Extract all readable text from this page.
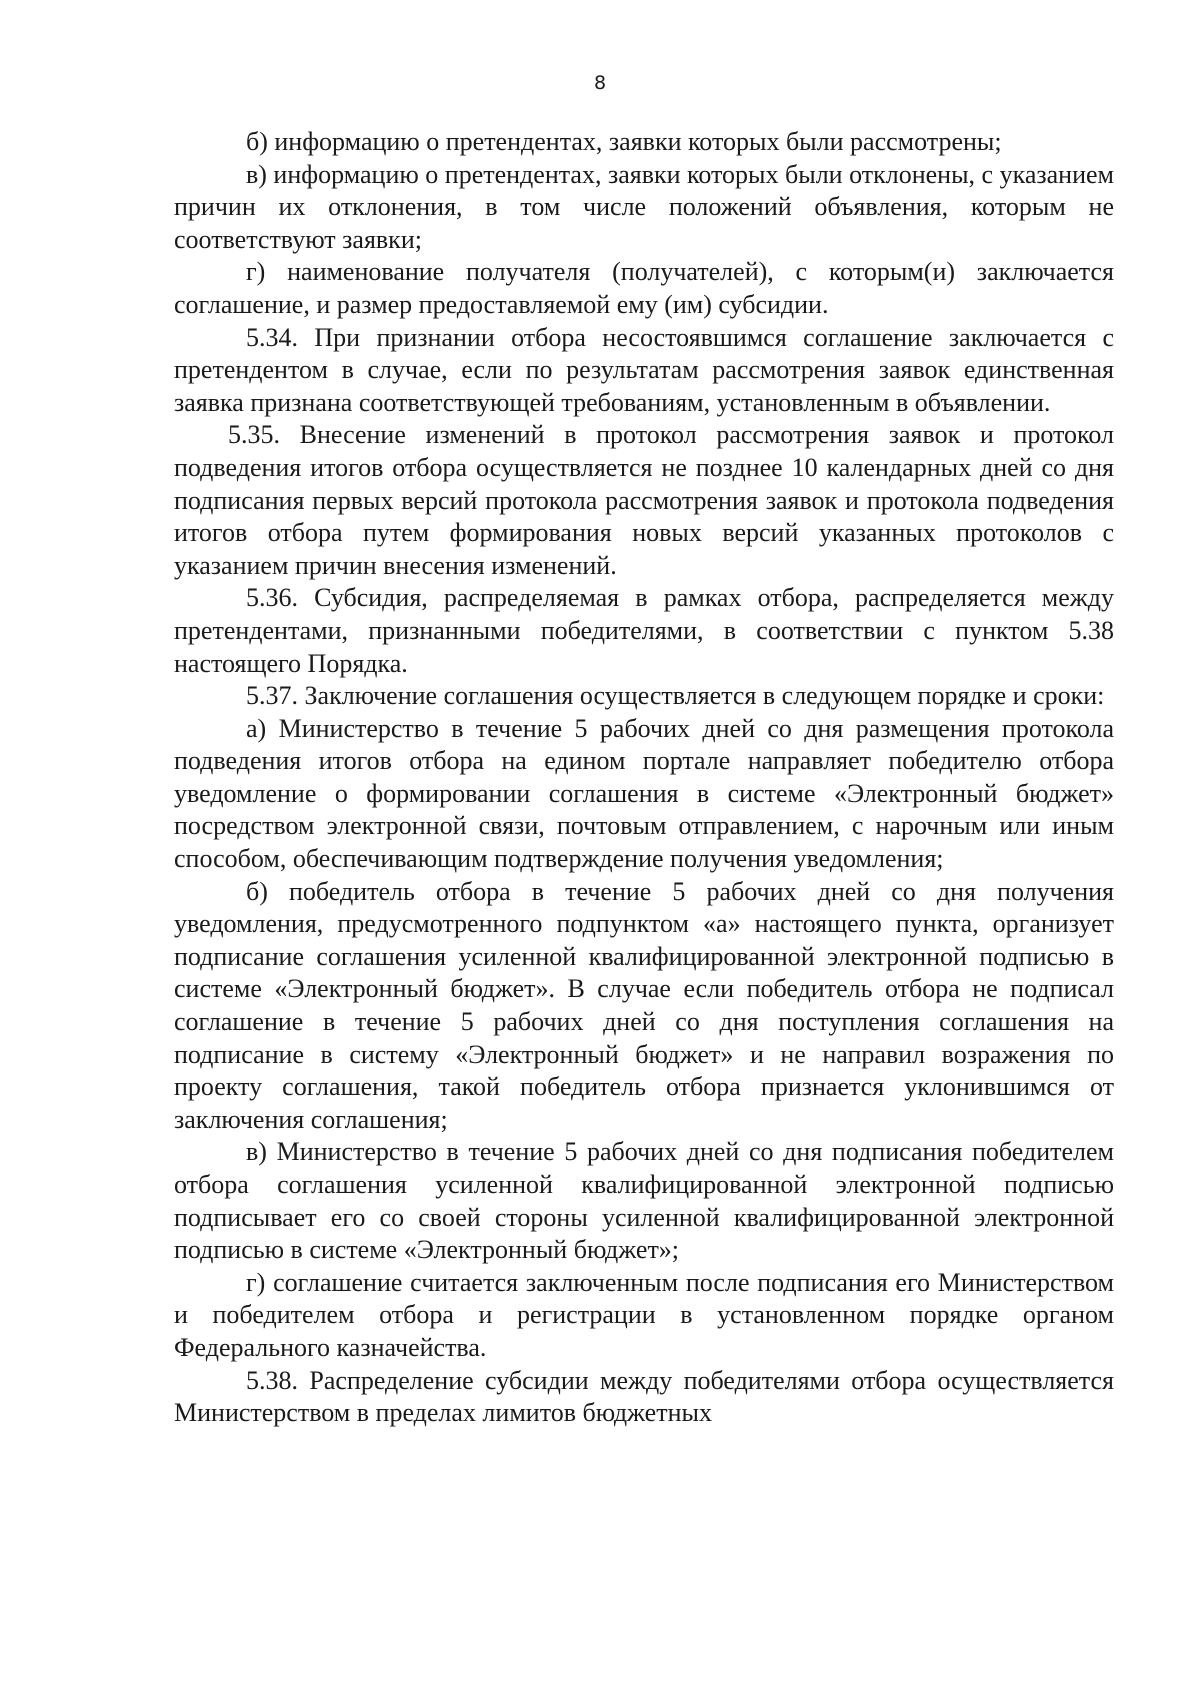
8

б) информацию о претендентах, заявки которых были рассмотрены;

в) информацию о претендентах, заявки которых были отклонены, с указанием причин их отклонения, в том числе положений объявления, которым не соответствуют заявки;

г) наименование получателя (получателей), с которым(и) заключается соглашение, и размер предоставляемой ему (им) субсидии.

5.34. При признании отбора несостоявшимся соглашение заключается с претендентом в случае, если по результатам рассмотрения заявок единственная заявка признана соответствующей требованиям, установленным в объявлении.

5.35. Внесение изменений в протокол рассмотрения заявок и протокол подведения итогов отбора осуществляется не позднее 10 календарных дней со дня подписания первых версий протокола рассмотрения заявок и протокола подведения итогов отбора путем формирования новых версий указанных протоколов с указанием причин внесения изменений.

5.36. Субсидия, распределяемая в рамках отбора, распределяется между претендентами, признанными победителями, в соответствии с пунктом 5.38 настоящего Порядка.

5.37. Заключение соглашения осуществляется в следующем порядке и сроки:

а) Министерство в течение 5 рабочих дней со дня размещения протокола подведения итогов отбора на едином портале направляет победителю отбора уведомление о формировании соглашения в системе «Электронный бюджет» посредством электронной связи, почтовым отправлением, с нарочным или иным способом, обеспечивающим подтверждение получения уведомления;

б) победитель отбора в течение 5 рабочих дней со дня получения уведомления, предусмотренного подпунктом «а» настоящего пункта, организует подписание соглашения усиленной квалифицированной электронной подписью в системе «Электронный бюджет». В случае если победитель отбора не подписал соглашение в течение 5 рабочих дней со дня поступления соглашения на подписание в систему «Электронный бюджет» и не направил возражения по проекту соглашения, такой победитель отбора признается уклонившимся от заключения соглашения;

в) Министерство в течение 5 рабочих дней со дня подписания победителем отбора соглашения усиленной квалифицированной электронной подписью подписывает его со своей стороны усиленной квалифицированной электронной подписью в системе «Электронный бюджет»;

г) соглашение считается заключенным после подписания его Министерством и победителем отбора и регистрации в установленном порядке органом Федерального казначейства.

5.38. Распределение субсидии между победителями отбора осуществляется Министерством в пределах лимитов бюджетных
